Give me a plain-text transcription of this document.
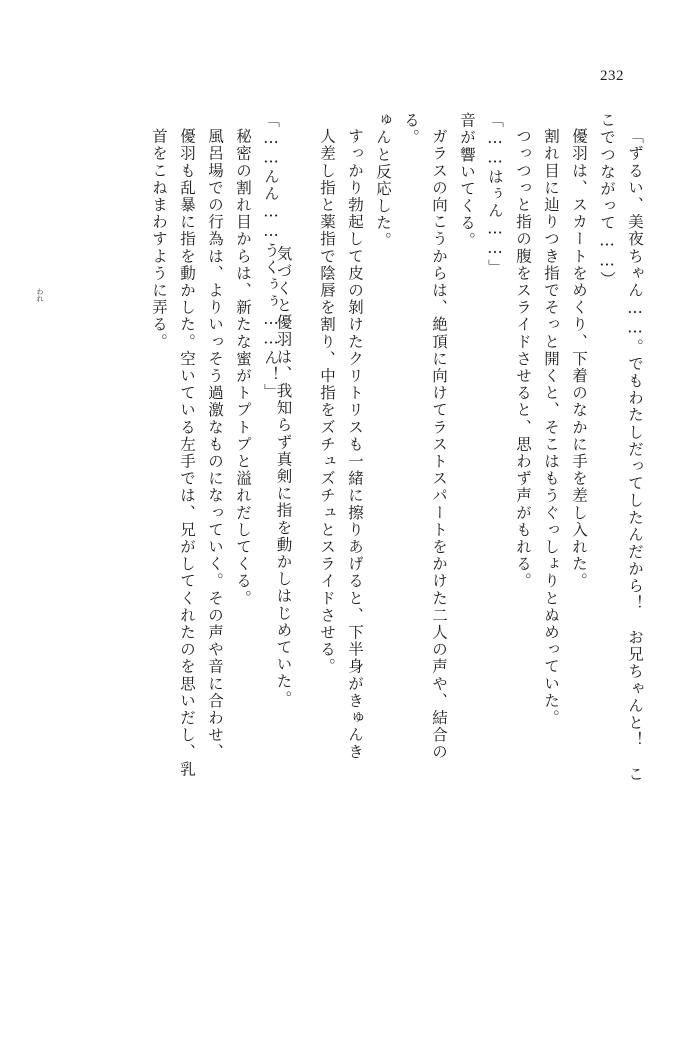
232
「ずるい、美夜ちゃん……。でもわたしだってしたんだから！　お兄ちゃんと！　こ
こでつながって……）
優羽は、スカートをめくり、下着のなかに手を差し入れた。
割れ目に辿りつき指でそっと開くと、そこはもうぐっしょりとぬめっていた。
つっつっと指の腹をスライドさせると、思わず声がもれる。
「……はぅん……」
音が響いてくる。
ガラスの向こうからは、絶頂に向けてラストスパートをかけた二人の声や、結合の
る。
ゅんと反応した。
すっかり勃起して皮の剝けたクリトリスも一緒に擦りあげると、下半身がきゅんき
人差し指と薬指で陰唇を割り、中指をズチュズチュとスライドさせる。

気づくと優羽は、我知らず真剣に指を動かしはじめていた。

われ

	「……んん……うくぅぅ……ん！」
秘密の割れ目からは、新たな蜜がトプトプと溢れだしてくる。
風呂場での行為は、よりいっそう過激なものになっていく。その声や音に合わせ、
優羽も乱暴に指を動かした。空いている左手では、兄がしてくれたのを思いだし、乳
首をこねまわすように弄る。
